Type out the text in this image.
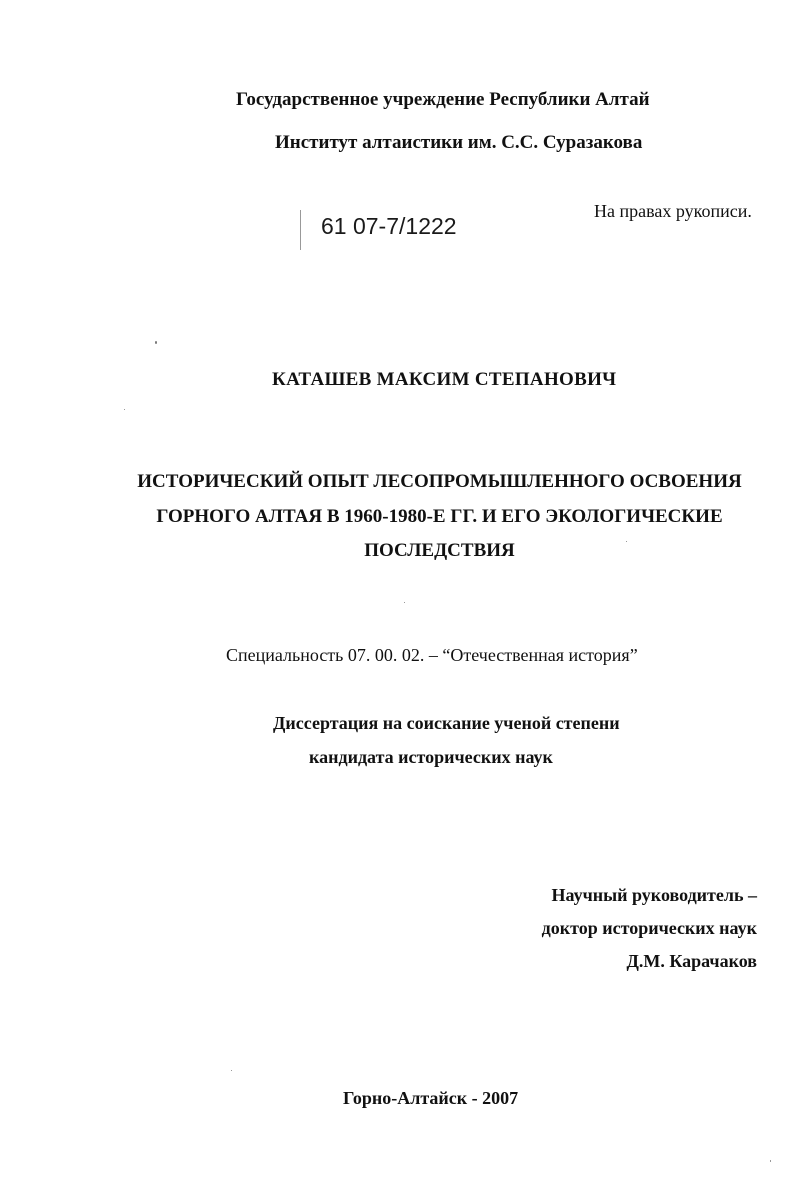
Государственное учреждение Республики Алтай
Институт алтаистики им. С.С. Суразакова
61 07-7/1222
На правах рукописи.
КАТАШЕВ МАКСИМ СТЕПАНОВИЧ
ИСТОРИЧЕСКИЙ ОПЫТ ЛЕСОПРОМЫШЛЕННОГО ОСВОЕНИЯ
ГОРНОГО АЛТАЯ В 1960-1980-Е ГГ. И ЕГО ЭКОЛОГИЧЕСКИЕ
ПОСЛЕДСТВИЯ
Специальность 07. 00. 02. – “Отечественная история”
Диссертация на соискание ученой степени
кандидата исторических наук
Научный руководитель –
доктор исторических наук
Д.М. Карачаков
Горно-Алтайск - 2007
